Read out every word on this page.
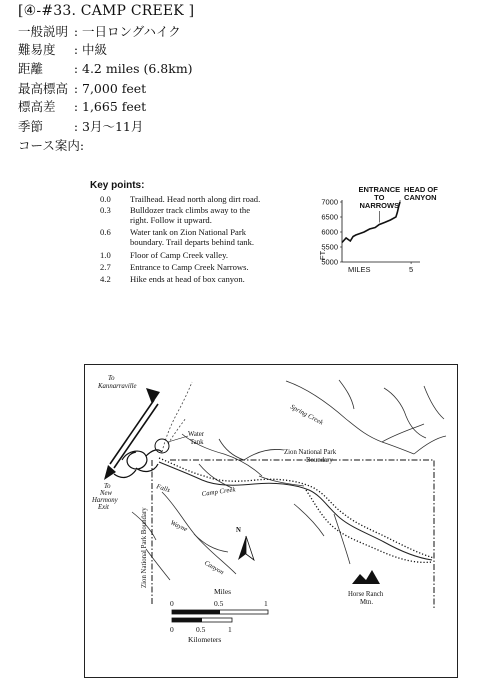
[④-#33. CAMP CREEK ]
一般説明 : 一日ロングハイク
難易度 : 中級
距離 : 4.2 miles (6.8km)
最高標高 : 7,000 feet
標高差 : 1,665 feet
季節 : 3月～11月
コース案内:
Key points:
0.0 Trailhead. Head north along dirt road.
0.3 Bulldozer track climbs away to the
right. Follow it upward.
0.6 Water tank on Zion National Park
boundary. Trail departs behind tank.
1.0 Floor of Camp Creek valley.
2.7 Entrance to Camp Creek Narrows.
4.2 Hike ends at head of box canyon.
7000
6500
6000
5500
5000
5
MILES
FT.
ENTRANCE
TO
NARROWS
HEAD OF
CANYON
To
Kannarraville
To
New
Harmony
Exit
Water
Tank
Spring Creek
Zion National Park
Boundary
Falls	Camp Creek
Zion National Park Boundary	Wayne
Canyon
N
Horse Ranch
Mtn.
Miles
0	0.5	1
0	0.5	1
Kilometers
